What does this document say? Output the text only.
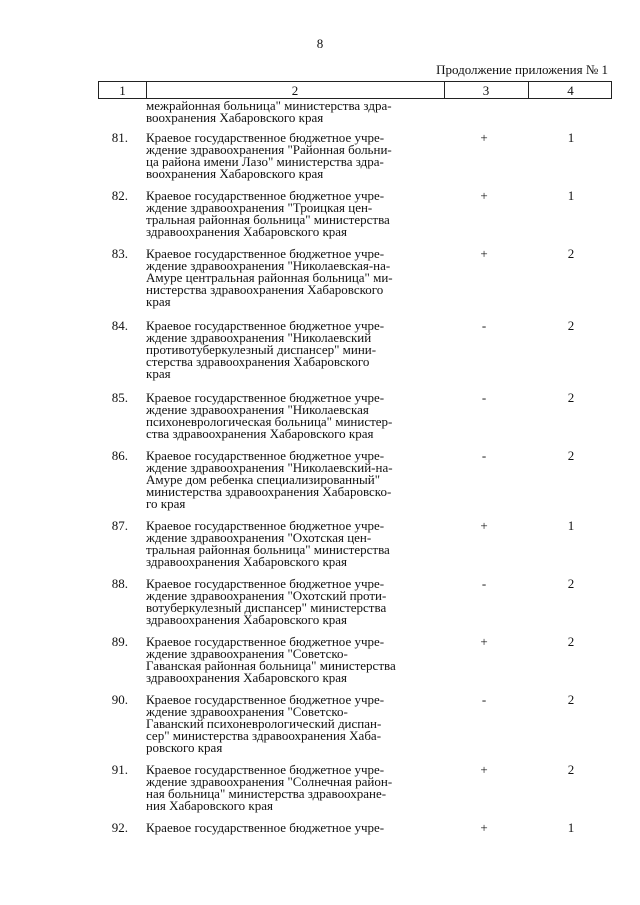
8
Продолжение приложения № 1
1	2	3	4
межрайонная больница" министерства здра-
воохранения Хабаровского края
81. Краевое государственное бюджетное учре-
ждение здравоохранения "Районная больни-
ца района имени Лазо" министерства здра-
воохранения Хабаровского края
+	1
82. Краевое государственное бюджетное учре-
ждение здравоохранения "Троицкая цен-
тральная районная больница" министерства
здравоохранения Хабаровского края
+	1
83. Краевое государственное бюджетное учре-
ждение здравоохранения "Николаевская-на-
Амуре центральная районная больница" ми-
нистерства здравоохранения Хабаровского
края
+	2
84. Краевое государственное бюджетное учре-
ждение здравоохранения "Николаевский
противотуберкулезный диспансер" мини-
стерства здравоохранения Хабаровского
края
-	2
85. Краевое государственное бюджетное учре-
ждение здравоохранения "Николаевская
психоневрологическая больница" министер-
ства здравоохранения Хабаровского края
-	2
86. Краевое государственное бюджетное учре-
ждение здравоохранения "Николаевский-на-
Амуре дом ребенка специализированный"
министерства здравоохранения Хабаровско-
го края
-	2
87. Краевое государственное бюджетное учре-
ждение здравоохранения "Охотская цен-
тральная районная больница" министерства
здравоохранения Хабаровского края
+	1
88. Краевое государственное бюджетное учре-
ждение здравоохранения "Охотский проти-
вотуберкулезный диспансер" министерства
здравоохранения Хабаровского края
-	2
89. Краевое государственное бюджетное учре-
ждение здравоохранения "Советско-
Гаванская районная больница" министерства
здравоохранения Хабаровского края
+	2
90. Краевое государственное бюджетное учре-
ждение здравоохранения "Советско-
Гаванский психоневрологический диспан-
сер" министерства здравоохранения Хаба-
ровского края
-	2
91. Краевое государственное бюджетное учре-
ждение здравоохранения "Солнечная район-
ная больница" министерства здравоохране-
ния Хабаровского края
+	2
92. Краевое государственное бюджетное учре-	+	1
